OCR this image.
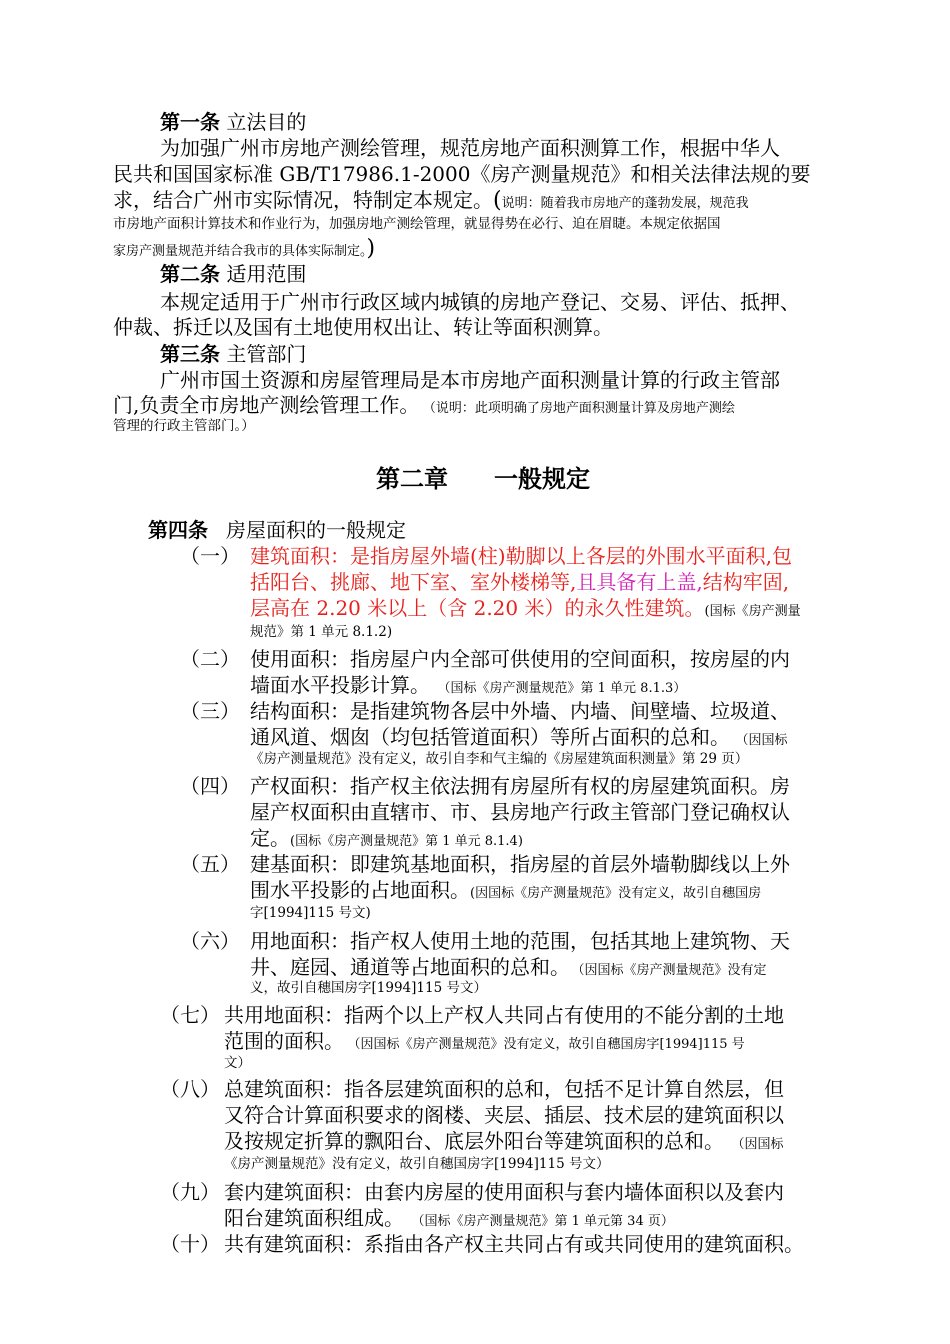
第一条 立法目的
为加强广州市房地产测绘管理，规范房地产面积测算工作，根据中华人
民共和国国家标准 GB/T17986.1-2000《房产测量规范》和相关法律法规的要
求，结合广州市实际情况，特制定本规定。(说明：随着我市房地产的蓬勃发展，规范我
市房地产面积计算技术和作业行为，加强房地产测绘管理，就显得势在必行、迫在眉睫。本规定依据国
家房产测量规范并结合我市的具体实际制定。)
第二条 适用范围
本规定适用于广州市行政区域内城镇的房地产登记、交易、评估、抵押、
仲裁、拆迁以及国有土地使用权出让、转让等面积测算。
第三条 主管部门
广州市国土资源和房屋管理局是本市房地产面积测量计算的行政主管部
门,负责全市房地产测绘管理工作。 （说明：此项明确了房地产面积测量计算及房地产测绘
管理的行政主管部门。）
第二章 一般规定
第四条 房屋面积的一般规定
（一） 建筑面积：是指房屋外墙(柱)勒脚以上各层的外围水平面积,包
括阳台、挑廊、地下室、室外楼梯等,且具备有上盖,结构牢固,
层高在 2.20 米以上（含 2.20 米）的永久性建筑。(国标《房产测量
规范》第 1 单元 8.1.2)
（二） 使用面积：指房屋户内全部可供使用的空间面积，按房屋的内
墙面水平投影计算。 （国标《房产测量规范》第 1 单元 8.1.3）
（三） 结构面积：是指建筑物各层中外墙、内墙、间壁墙、垃圾道、
通风道、烟囱（均包括管道面积）等所占面积的总和。 （因国标
《房产测量规范》没有定义，故引自李和气主编的《房屋建筑面积测量》第 29 页）
（四） 产权面积：指产权主依法拥有房屋所有权的房屋建筑面积。房
屋产权面积由直辖市、市、县房地产行政主管部门登记确权认
定。(国标《房产测量规范》第 1 单元 8.1.4)
（五） 建基面积：即建筑基地面积，指房屋的首层外墙勒脚线以上外
围水平投影的占地面积。(因国标《房产测量规范》没有定义，故引自穗国房
字[1994]115 号文)
（六） 用地面积：指产权人使用土地的范围，包括其地上建筑物、天
井、庭园、通道等占地面积的总和。 （因国标《房产测量规范》没有定
义，故引自穗国房字[1994]115 号文）
（七） 共用地面积：指两个以上产权人共同占有使用的不能分割的土地
范围的面积。 （因国标《房产测量规范》没有定义，故引自穗国房字[1994]115 号
文）
（八） 总建筑面积：指各层建筑面积的总和，包括不足计算自然层，但
又符合计算面积要求的阁楼、夹层、插层、技术层的建筑面积以
及按规定折算的飘阳台、底层外阳台等建筑面积的总和。 （因国标
《房产测量规范》没有定义，故引自穗国房字[1994]115 号文）
（九） 套内建筑面积：由套内房屋的使用面积与套内墙体面积以及套内
阳台建筑面积组成。 （国标《房产测量规范》第 1 单元第 34 页）
（十） 共有建筑面积：系指由各产权主共同占有或共同使用的建筑面积。
